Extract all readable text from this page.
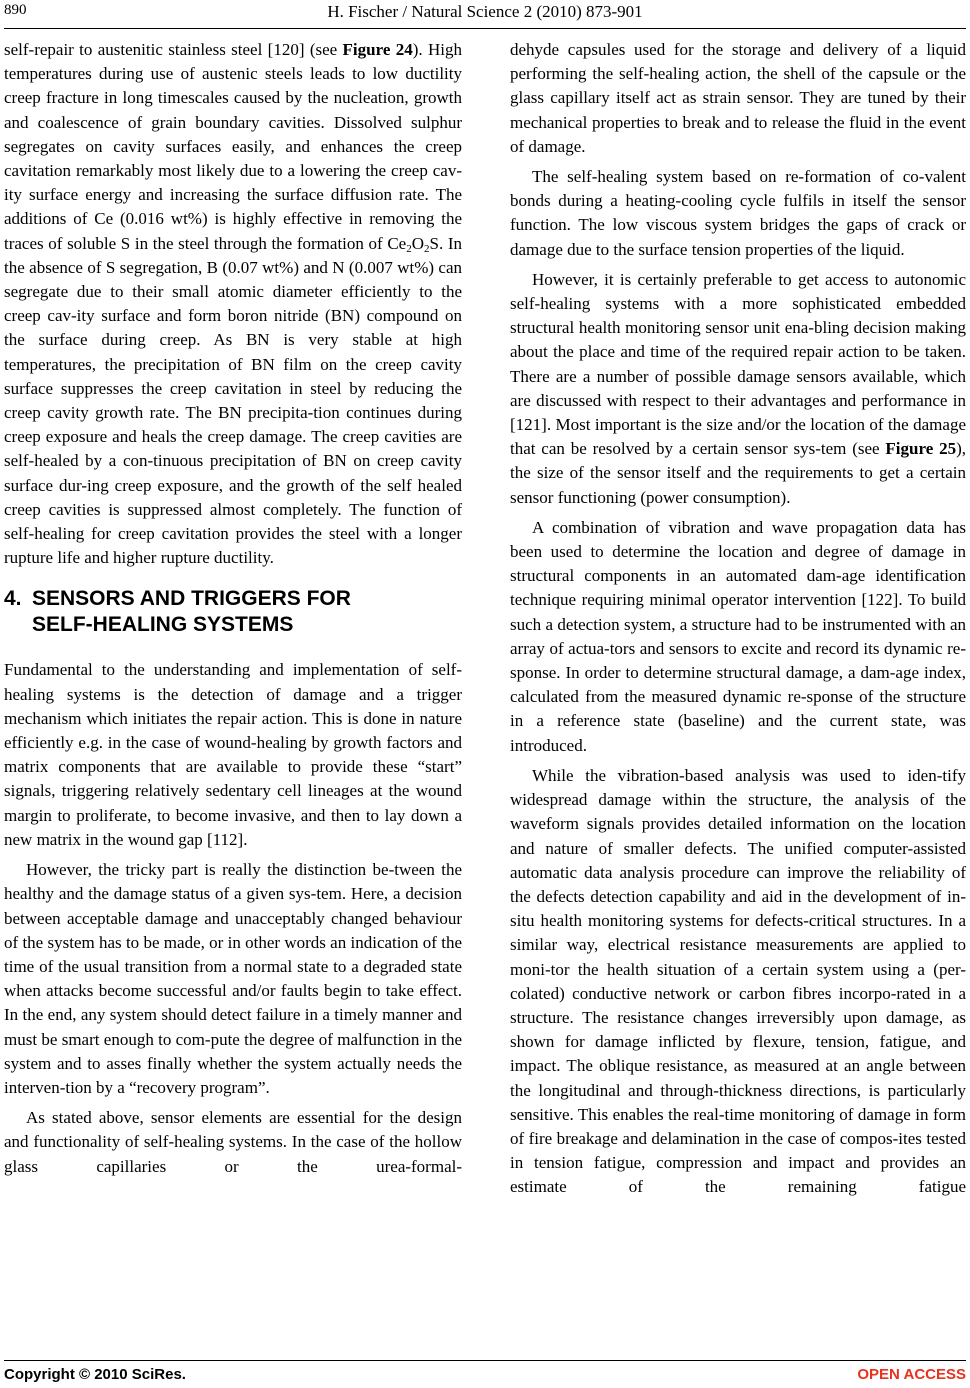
890	H. Fischer / Natural Science 2 (2010) 873-901

self-repair to austenitic stainless steel [120] (see Figure 24). High temperatures during use of austenic steels leads to low ductility creep fracture in long timescales caused by the nucleation, growth and coalescence of grain boundary cavities. Dissolved sulphur segregates on cavity surfaces easily, and enhances the creep cavitation remarkably most likely due to a lowering the creep cav-ity surface energy and increasing the surface diffusion rate. The additions of Ce (0.016 wt%) is highly effective in removing the traces of soluble S in the steel through the formation of $Ce_2O_2S$. In the absence of S segregation, B (0.07 wt%) and N (0.007 wt%) can segregate due to their small atomic diameter efficiently to the creep cav-ity surface and form boron nitride (BN) compound on the surface during creep. As BN is very stable at high temperatures, the precipitation of BN film on the creep cavity surface suppresses the creep cavitation in steel by reducing the creep cavity growth rate. The BN precipita-tion continues during creep exposure and heals the creep damage. The creep cavities are self-healed by a con-tinuous precipitation of BN on creep cavity surface dur-ing creep exposure, and the growth of the self healed creep cavities is suppressed almost completely. The function of self-healing for creep cavitation provides the steel with a longer rupture life and higher rupture ductility.

4. SENSORS AND TRIGGERS FOR
SELF-HEALING SYSTEMS

Fundamental to the understanding and implementation of self-healing systems is the detection of damage and a trigger mechanism which initiates the repair action. This is done in nature efficiently e.g. in the case of wound-healing by growth factors and matrix components that are available to provide these “start” signals, triggering relatively sedentary cell lineages at the wound margin to proliferate, to become invasive, and then to lay down a new matrix in the wound gap [112].

However, the tricky part is really the distinction be-tween the healthy and the damage status of a given sys-tem. Here, a decision between acceptable damage and unacceptably changed behaviour of the system has to be made, or in other words an indication of the time of the usual transition from a normal state to a degraded state when attacks become successful and/or faults begin to take effect. In the end, any system should detect failure in a timely manner and must be smart enough to com-pute the degree of malfunction in the system and to asses finally whether the system actually needs the interven-tion by a “recovery program”.

As stated above, sensor elements are essential for the design and functionality of self-healing systems. In the case of the hollow glass capillaries or the urea-formal-

dehyde capsules used for the storage and delivery of a liquid performing the self-healing action, the shell of the capsule or the glass capillary itself act as strain sensor. They are tuned by their mechanical properties to break and to release the fluid in the event of damage.

The self-healing system based on re-formation of co-valent bonds during a heating-cooling cycle fulfils in itself the sensor function. The low viscous system bridges the gaps of crack or damage due to the surface tension properties of the liquid.

However, it is certainly preferable to get access to autonomic self-healing systems with a more sophisticated embedded structural health monitoring sensor unit ena-bling decision making about the place and time of the required repair action to be taken. There are a number of possible damage sensors available, which are discussed with respect to their advantages and performance in [121]. Most important is the size and/or the location of the damage that can be resolved by a certain sensor sys-tem (see Figure 25), the size of the sensor itself and the requirements to get a certain sensor functioning (power consumption).

A combination of vibration and wave propagation data has been used to determine the location and degree of damage in structural components in an automated dam-age identification technique requiring minimal operator intervention [122]. To build such a detection system, a structure had to be instrumented with an array of actua-tors and sensors to excite and record its dynamic re-sponse. In order to determine structural damage, a dam-age index, calculated from the measured dynamic re-sponse of the structure in a reference state (baseline) and the current state, was introduced.

While the vibration-based analysis was used to iden-tify widespread damage within the structure, the analysis of the waveform signals provides detailed information on the location and nature of smaller defects. The unified computer-assisted automatic data analysis procedure can improve the reliability of the defects detection capability and aid in the development of in-situ health monitoring systems for defects-critical structures. In a similar way, electrical resistance measurements are applied to moni-tor the health situation of a certain system using a (per-colated) conductive network or carbon fibres incorpo-rated in a structure. The resistance changes irreversibly upon damage, as shown for damage inflicted by flexure, tension, fatigue, and impact. The oblique resistance, as measured at an angle between the longitudinal and through-thickness directions, is particularly sensitive. This enables the real-time monitoring of damage in form of fire breakage and delamination in the case of compos-ites tested in tension fatigue, compression and impact and provides an estimate of the remaining fatigue

Copyright © 2010 SciRes.	OPEN ACCESS
